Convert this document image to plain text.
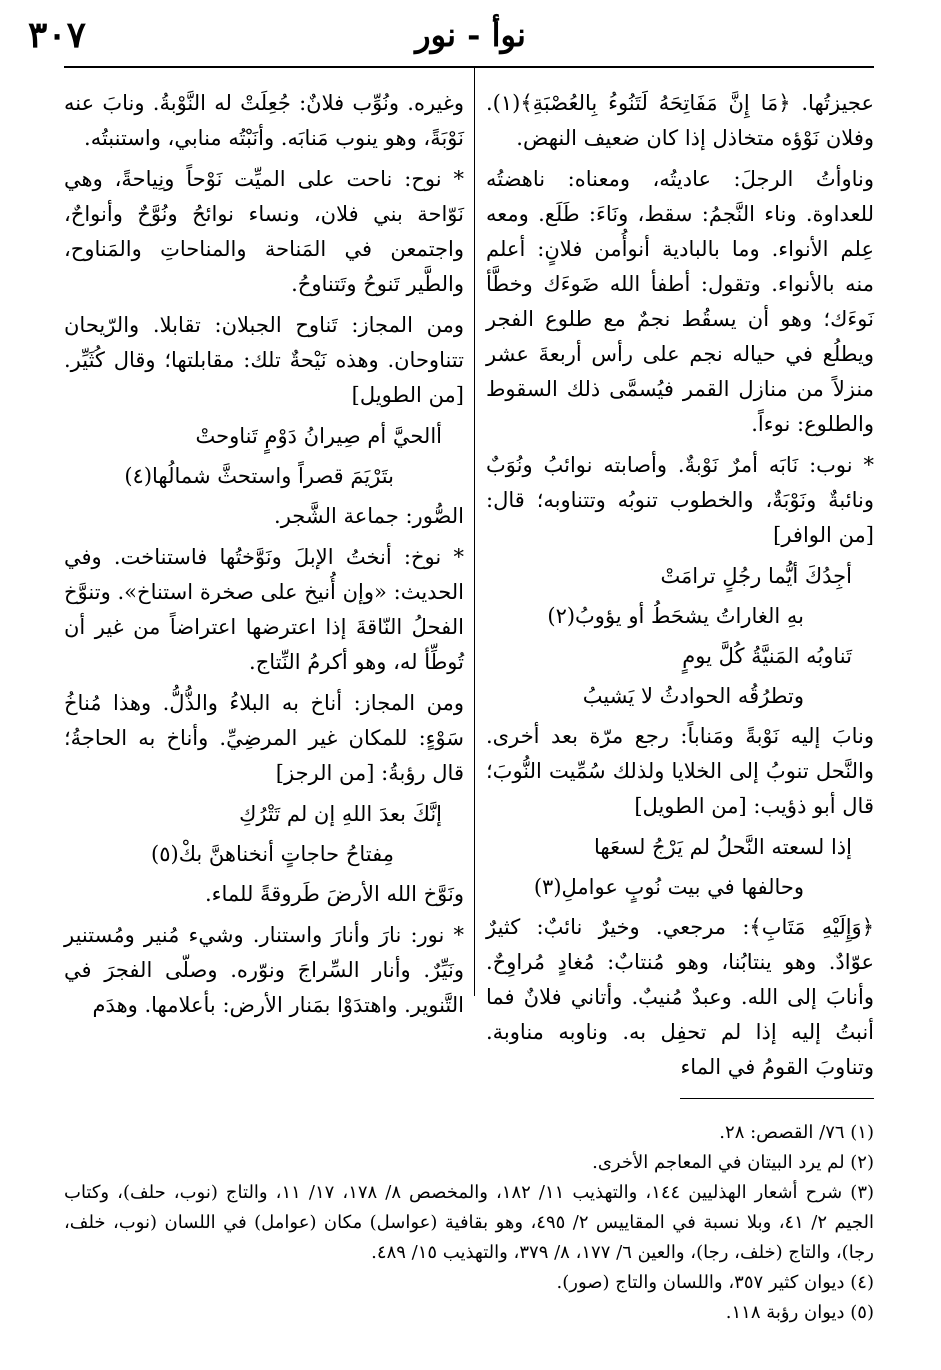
٣٠٧	نوأ - نور

عجيزتُها. ﴿مَا إِنَّ مَفَاتِحَهُ لَتَنُوءُ بِالعُصْبَةِ﴾(١). وفلان نَوْؤه متخاذل إذا كان ضعيف النهض.

وناوأتُ الرجلَ: عاديتُه، ومعناه: ناهضتُه للعداوة. وناء النَّجمُ: سقط، ونَاءَ: طَلَع. ومعه عِلم الأنواء. وما بالبادية أنوأُمن فلانٍ: أعلم منه بالأنواء. وتقول: أطفأ الله ضَوءَك وخطَّأ نَوءَك؛ وهو أن يسقُط نجمٌ مع طلوع الفجر ويطلُع في حياله نجم على رأس أربعةَ عشر منزلاً من منازل القمر فيُسمَّى ذلك السقوط والطلوع: نوءاً.

* نوب: نَابَه أمرٌ نَوْبةٌ. وأصابته نوائبُ ونُوَبٌ ونائبةٌ ونَوْبَةٌ، والخطوب تنوبُه وتتناوبه؛ قال: [من الوافر]

أجِدُكَ أيُّما رجُلٍ ترامَتْ

بهِ الغاراتُ يشحَطُ أو يؤوبُ(٢)

تَناوبُه المَنيَّةُ كُلَّ يومٍ

وتطرُقُه الحوادثُ لا يَشيبُ

ونابَ إليه نَوْبةً ومَناباً: رجع مرّة بعد أخرى. والنَّحل تنوبُ إلى الخلايا ولذلك سُمِّيت النُّوبَ؛ قال أبو ذؤيب: [من الطويل]

إذا لسعته النَّحلُ لم يَرْجُ لسعَها

وحالفها في بيت نُوبٍ عواملِ(٣)

﴿وَإِلَيْهِ مَتَابِ﴾: مرجعي. وخيرٌ نائبٌ: كثيرٌ عوّادٌ. وهو ينتابُنا، وهو مُنتابٌ: مُغادٍ مُراوِحٌ. وأنابَ إلى الله. وعبدٌ مُنيبٌ. وأتاني فلانٌ فما أنبتُ إليه إذا لم تحفِل به. وناوبه مناوبة. وتناوبَ القومُ في الماء

وغيره. ونُوِّب فلانٌ: جُعِلَتْ له النَّوْبةُ. ونابَ عنه نَوْبَةً، وهو ينوب مَنابَه. وأنَبْتُه منابي، واستنبتُه.

* نوح: ناحت على الميِّت نَوْحاً ونِياحةً، وهي نَوّاحة بني فلان، ونساء نوائحُ ونُوَّحٌ وأنواحٌ، واجتمعن في المَناحة والمناحاتِ والمَناوح، والطَّير تَنوحُ وتَتناوحُ.

ومن المجاز: تَناوح الجبلان: تقابلا. والرّيحان تتناوحان. وهذه نَيْحةٌ تلك: مقابلتها؛ وقال كُثَيِّر. [من الطويل]

أالحيَّ أم صِيرانُ دَوْمٍ تَناوحتْ

بتَرْيَمَ قصراً واستحثَّ شمالُها(٤)

الصُّور: جماعة الشَّجر.

* نوخ: أنختُ الإبلَ ونَوَّختُها فاستناخت. وفي الحديث: «وإن أُنيخ على صخرة استناخ». وتنوَّخ الفحلُ النّاقةَ إذا اعترضها اعتراضاً من غير أن تُوطِّأ له، وهو أكرمُ النِّتاج.

ومن المجاز: أناخ به البلاءُ والذُّلُّ. وهذا مُناخُ سَوْءٍ: للمكان غير المرضِيِّ. وأناخ به الحاجةُ؛ قال رؤبةُ: [من الرجز]

إنَّكَ بعدَ اللهِ إن لم تَتْرُكِ

مِفتاحُ حاجاتٍ أنخناهنَّ بكْ(٥)

ونَوَّخ الله الأرضَ طَروقةً للماء.

* نور: نارَ وأنارَ واستنار. وشيء مُنير ومُستنير ونَيِّرٌ. وأنار السِّراجَ ونوّره. وصلّى الفجرَ في التَّنوير. واهتدَوْا بمَنار الأرض: بأعلامها. وهدَم

(١) ٧٦/ القصص: ٢٨.

(٢) لم يرد البيتان في المعاجم الأخرى.

(٣) شرح أشعار الهذليين ١٤٤، والتهذيب ١١/ ١٨٢، والمخصص ٨/ ١٧٨، ١٧/ ١١، والتاج (نوب، حلف)، وكتاب الجيم ٢/ ٤١، وبلا نسبة في المقاييس ٢/ ٤٩٥، وهو بقافية (عواسل) مكان (عوامل) في اللسان (نوب، خلف، رجا)، والتاج (خلف، رجا)، والعين ٦/ ١٧٧، ٨/ ٣٧٩، والتهذيب ١٥/ ٤٨٩.

(٤) ديوان كثير ٣٥٧، واللسان والتاج (صور).

(٥) ديوان رؤبة ١١٨.
